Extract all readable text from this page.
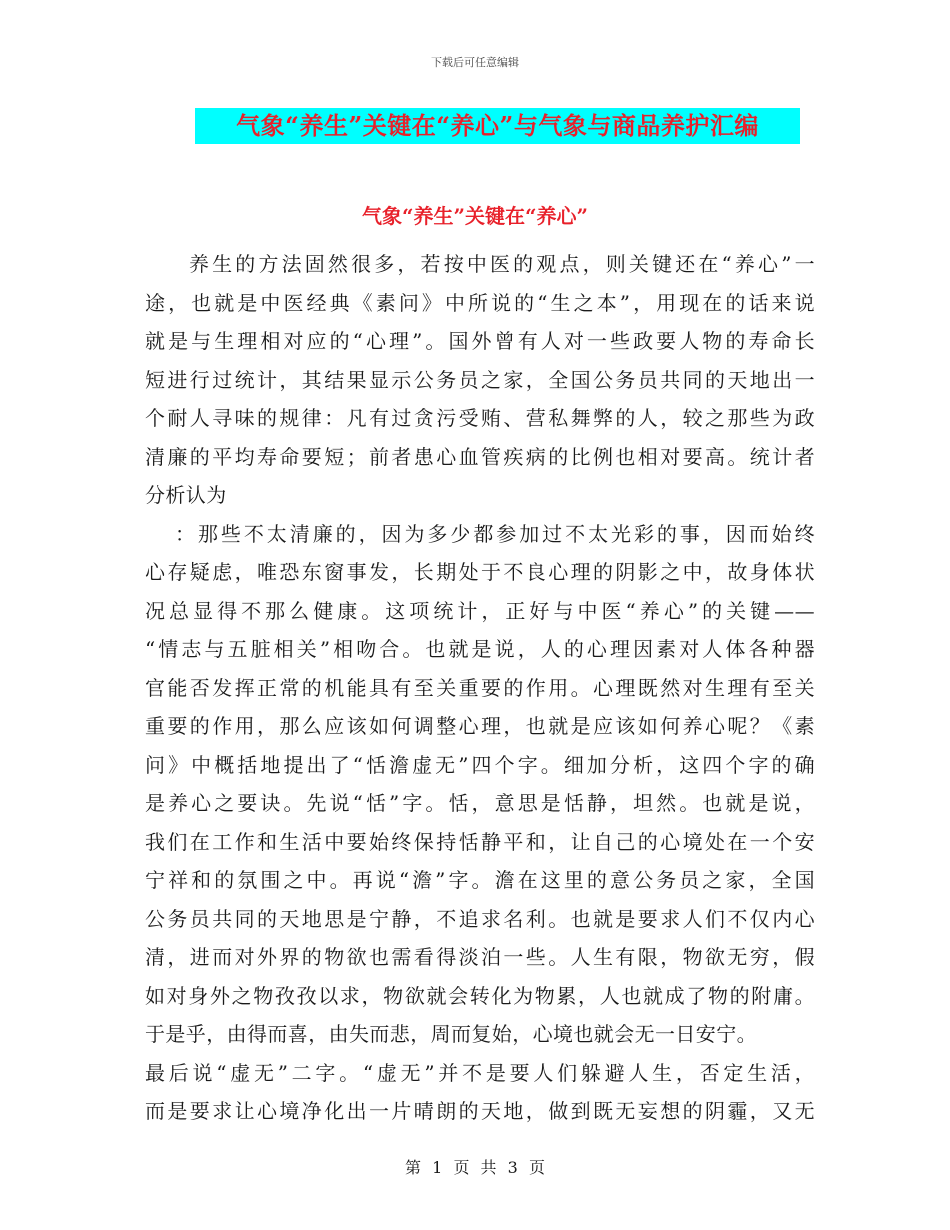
下载后可任意编辑
气象“养生”关键在“养心”与气象与商品养护汇编
气象“养生”关键在“养心”
养生的方法固然很多，若按中医的观点，则关键还在“养心”一
途，也就是中医经典《素问》中所说的“生之本”，用现在的话来说
就是与生理相对应的“心理”。国外曾有人对一些政要人物的寿命长
短进行过统计，其结果显示公务员之家，全国公务员共同的天地出一
个耐人寻味的规律：凡有过贪污受贿、营私舞弊的人，较之那些为政
清廉的平均寿命要短；前者患心血管疾病的比例也相对要高。统计者
分析认为
：那些不太清廉的，因为多少都参加过不太光彩的事，因而始终
心存疑虑，唯恐东窗事发，长期处于不良心理的阴影之中，故身体状
况总显得不那么健康。这项统计，正好与中医“养心”的关键——
“情志与五脏相关”相吻合。也就是说，人的心理因素对人体各种器
官能否发挥正常的机能具有至关重要的作用。心理既然对生理有至关
重要的作用，那么应该如何调整心理，也就是应该如何养心呢？《素
问》中概括地提出了“恬澹虚无”四个字。细加分析，这四个字的确
是养心之要诀。先说“恬”字。恬，意思是恬静，坦然。也就是说，
我们在工作和生活中要始终保持恬静平和，让自己的心境处在一个安
宁祥和的氛围之中。再说“澹”字。澹在这里的意公务员之家，全国
公务员共同的天地思是宁静，不追求名利。也就是要求人们不仅内心
清，进而对外界的物欲也需看得淡泊一些。人生有限，物欲无穷，假
如对身外之物孜孜以求，物欲就会转化为物累，人也就成了物的附庸。
于是乎，由得而喜，由失而悲，周而复始，心境也就会无一日安宁。
最后说“虚无”二字。“虚无”并不是要人们躲避人生，否定生活，
而是要求让心境净化出一片晴朗的天地，做到既无妄想的阴霾，又无
第 1 页 共 3 页
